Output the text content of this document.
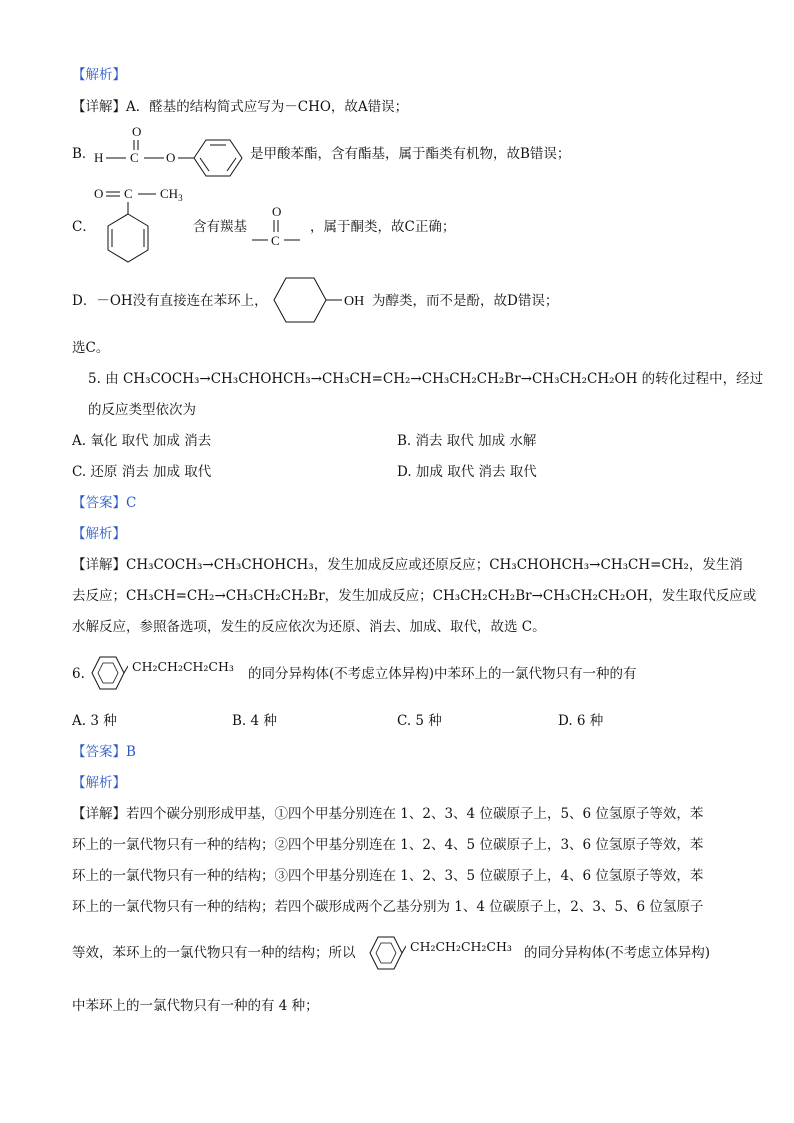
【解析】
【详解】A．醛基的结构简式应写为－CHO，故A错误；
B．
O
H C O	是甲酸苯酯，含有酯基，属于酯类有机物，故B错误；
C．
O C $CH_3$
含有羰基
O
C
，属于酮类，故C正确；
D．－OH没有直接连在苯环上，	OH 为醇类，而不是酚，故D错误；
选C。
5. 由 CH₃COCH₃→CH₃CHOHCH₃→CH₃CH=CH₂→CH₃CH₂CH₂Br→CH₃CH₂CH₂OH 的转化过程中，经过
的反应类型依次为
A. 氧化 取代 加成 消去	B. 消去 取代 加成 水解
C. 还原 消去 加成 取代	D. 加成 取代 消去 取代
【答案】C
【解析】
【详解】CH₃COCH₃→CH₃CHOHCH₃，发生加成反应或还原反应；CH₃CHOHCH₃→CH₃CH=CH₂，发生消
去反应；CH₃CH=CH₂→CH₃CH₂CH₂Br，发生加成反应；CH₃CH₂CH₂Br→CH₃CH₂CH₂OH，发生取代反应或
水解反应，参照备选项，发生的反应依次为还原、消去、加成、取代，故选 C。
6.	CH₂CH₂CH₂CH₃ 的同分异构体(不考虑立体异构)中苯环上的一氯代物只有一种的有
A. 3 种	B. 4 种	C. 5 种	D. 6 种
【答案】B
【解析】
【详解】若四个碳分别形成甲基，①四个甲基分别连在 1、2、3、4 位碳原子上，5、6 位氢原子等效，苯
环上的一氯代物只有一种的结构；②四个甲基分别连在 1、2、4、5 位碳原子上，3、6 位氢原子等效，苯
环上的一氯代物只有一种的结构；③四个甲基分别连在 1、2、3、5 位碳原子上，4、6 位氢原子等效，苯
环上的一氯代物只有一种的结构；若四个碳形成两个乙基分别为 1、4 位碳原子上，2、3、5、6 位氢原子
等效，苯环上的一氯代物只有一种的结构；所以	CH₂CH₂CH₂CH₃ 的同分异构体(不考虑立体异构)
中苯环上的一氯代物只有一种的有 4 种；
